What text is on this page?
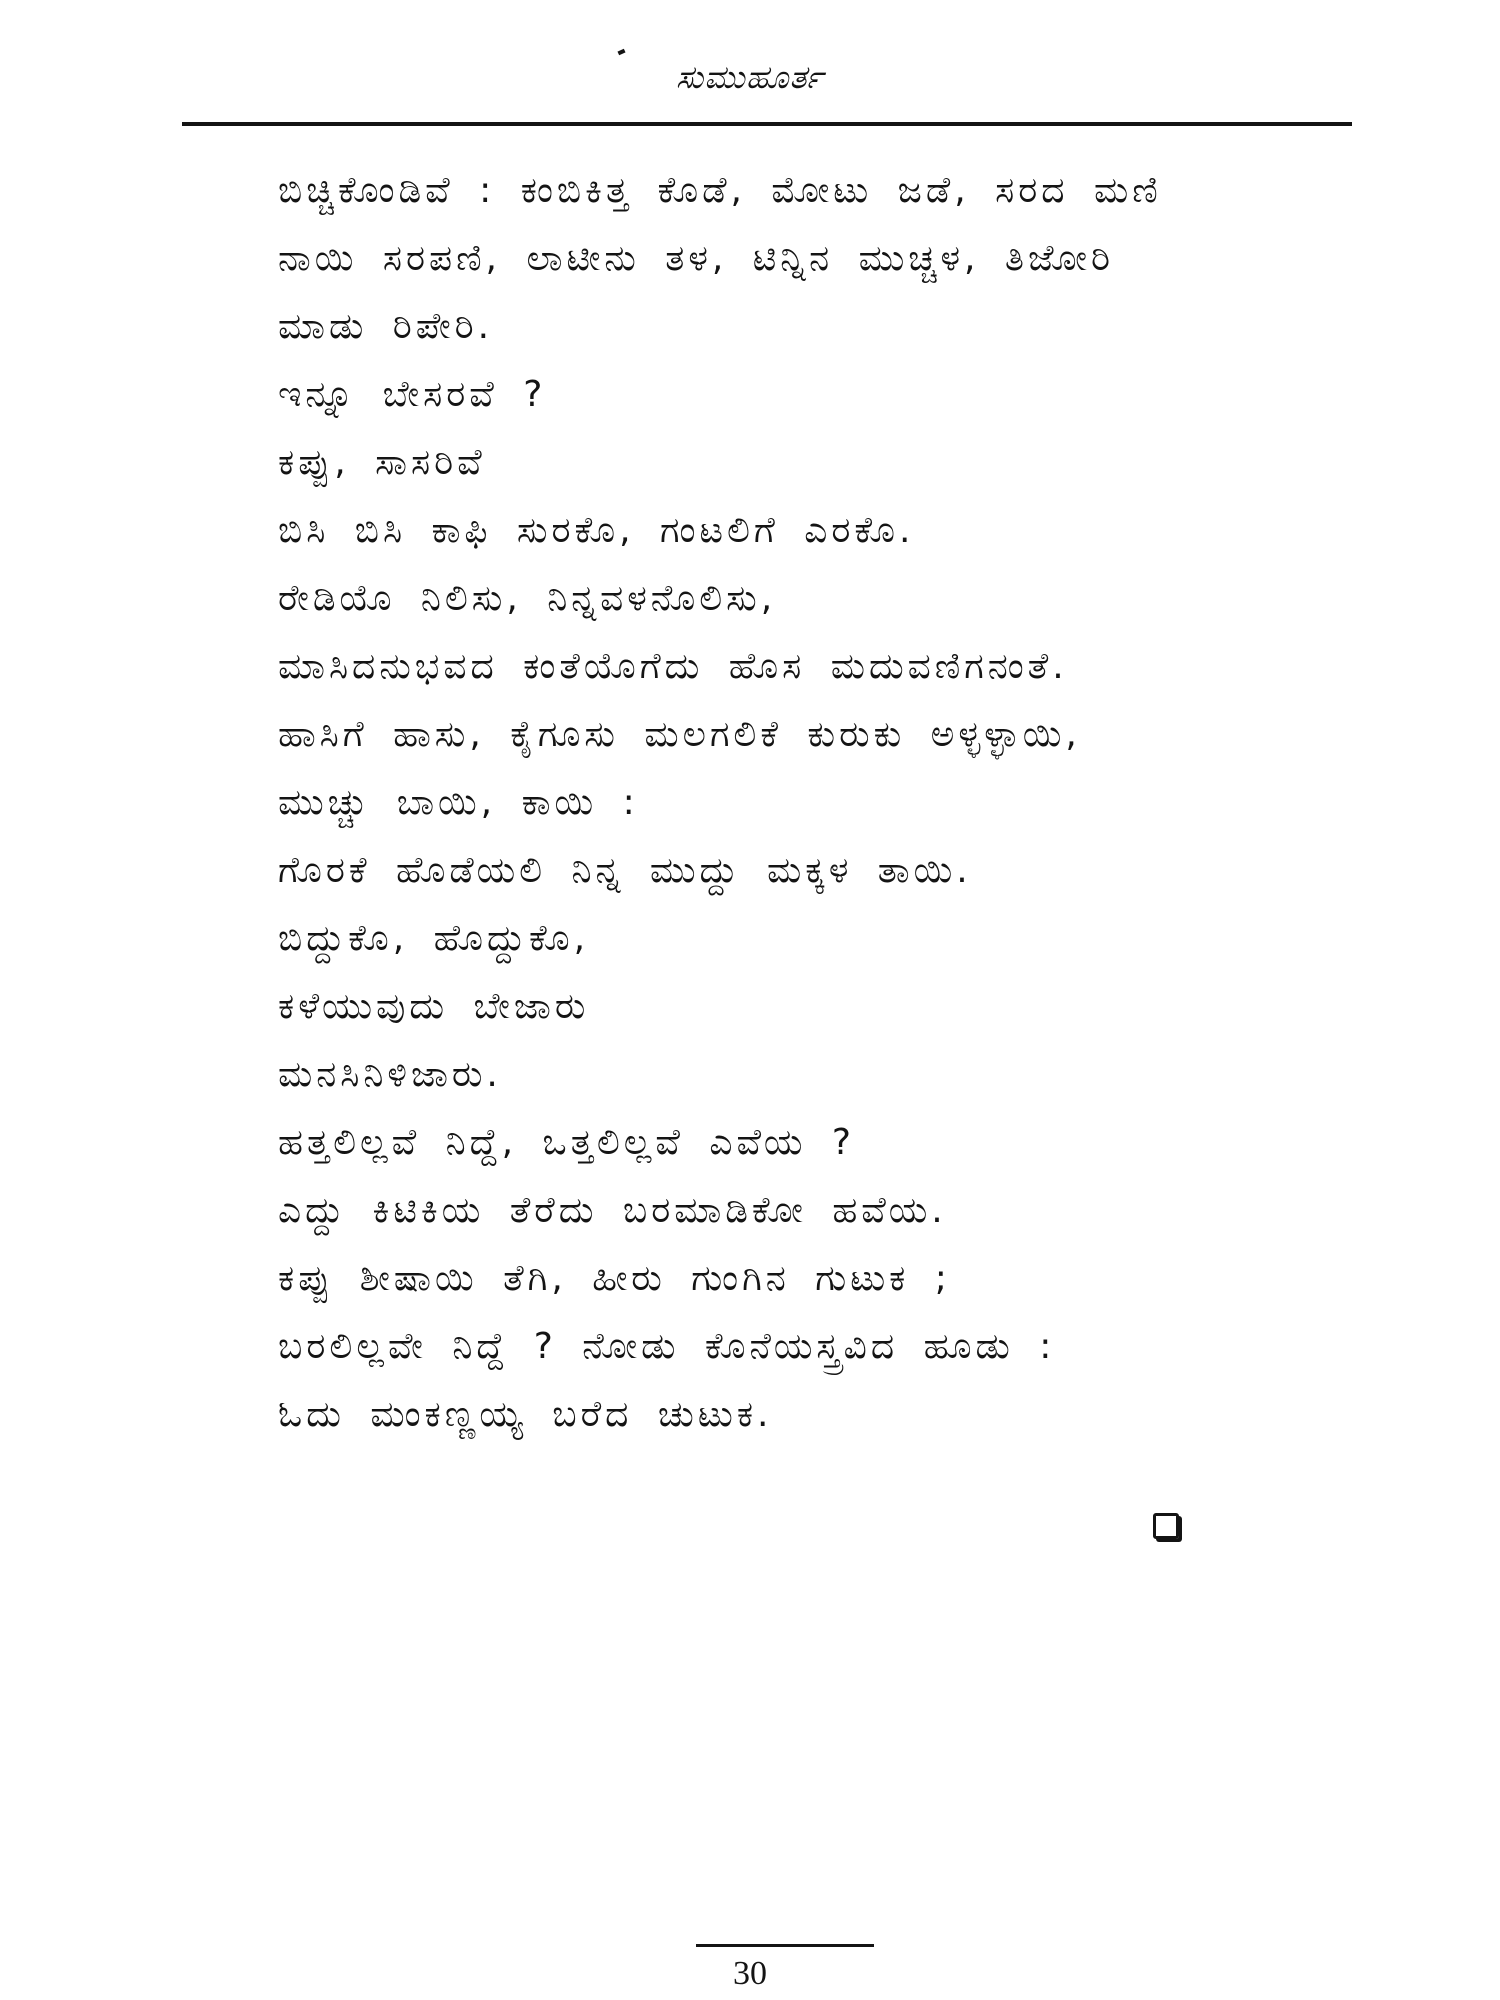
ಸುಮುಹೂರ್ತ
ಬಿಚ್ಚಿಕೊಂಡಿವೆ : ಕಂಬಿಕಿತ್ತ ಕೊಡೆ, ಮೋಟು ಜಡೆ, ಸರದ ಮಣಿ
ನಾಯಿ ಸರಪಣಿ, ಲಾಟೀನು ತಳ, ಟಿನ್ನಿನ ಮುಚ್ಚಳ, ತಿಜೋರಿ
ಮಾಡು ರಿಪೇರಿ.
ಇನ್ನೂ ಬೇಸರವೆ ?
ಕಪ್ಪು, ಸಾಸರಿವೆ
ಬಿಸಿ ಬಿಸಿ ಕಾಫಿ ಸುರಕೊ, ಗಂಟಲಿಗೆ ಎರಕೊ.
ರೇಡಿಯೊ ನಿಲಿಸು, ನಿನ್ನವಳನೊಲಿಸು,
ಮಾಸಿದನುಭವದ ಕಂತೆಯೊಗೆದು ಹೊಸ ಮದುವಣಿಗನಂತೆ.
ಹಾಸಿಗೆ ಹಾಸು, ಕೈಗೂಸು ಮಲಗಲಿಕೆ ಕುರುಕು ಅಳ್ಳಳ್ಳಾಯಿ,
ಮುಚ್ಚು ಬಾಯಿ, ಕಾಯಿ :
ಗೊರಕೆ ಹೊಡೆಯಲಿ ನಿನ್ನ ಮುದ್ದು ಮಕ್ಕಳ ತಾಯಿ.
ಬಿದ್ದುಕೊ, ಹೊದ್ದುಕೊ,
ಕಳೆಯುವುದು ಬೇಜಾರು
ಮನಸಿನಿಳಿಜಾರು.
ಹತ್ತಲಿಲ್ಲವೆ ನಿದ್ದೆ, ಒತ್ತಲಿಲ್ಲವೆ ಎವೆಯ ?
ಎದ್ದು ಕಿಟಿಕಿಯ ತೆರೆದು ಬರಮಾಡಿಕೋ ಹವೆಯ.
ಕಪ್ಪು ಶೀಷಾಯಿ ತೆಗಿ, ಹೀರು ಗುಂಗಿನ ಗುಟುಕ ;
ಬರಲಿಲ್ಲವೇ ನಿದ್ದೆ ? ನೋಡು ಕೊನೆಯಸ್ತ್ರವಿದ ಹೂಡು :
ಓದು ಮಂಕಣ್ಣಯ್ಯ ಬರೆದ ಚುಟುಕ.
30
